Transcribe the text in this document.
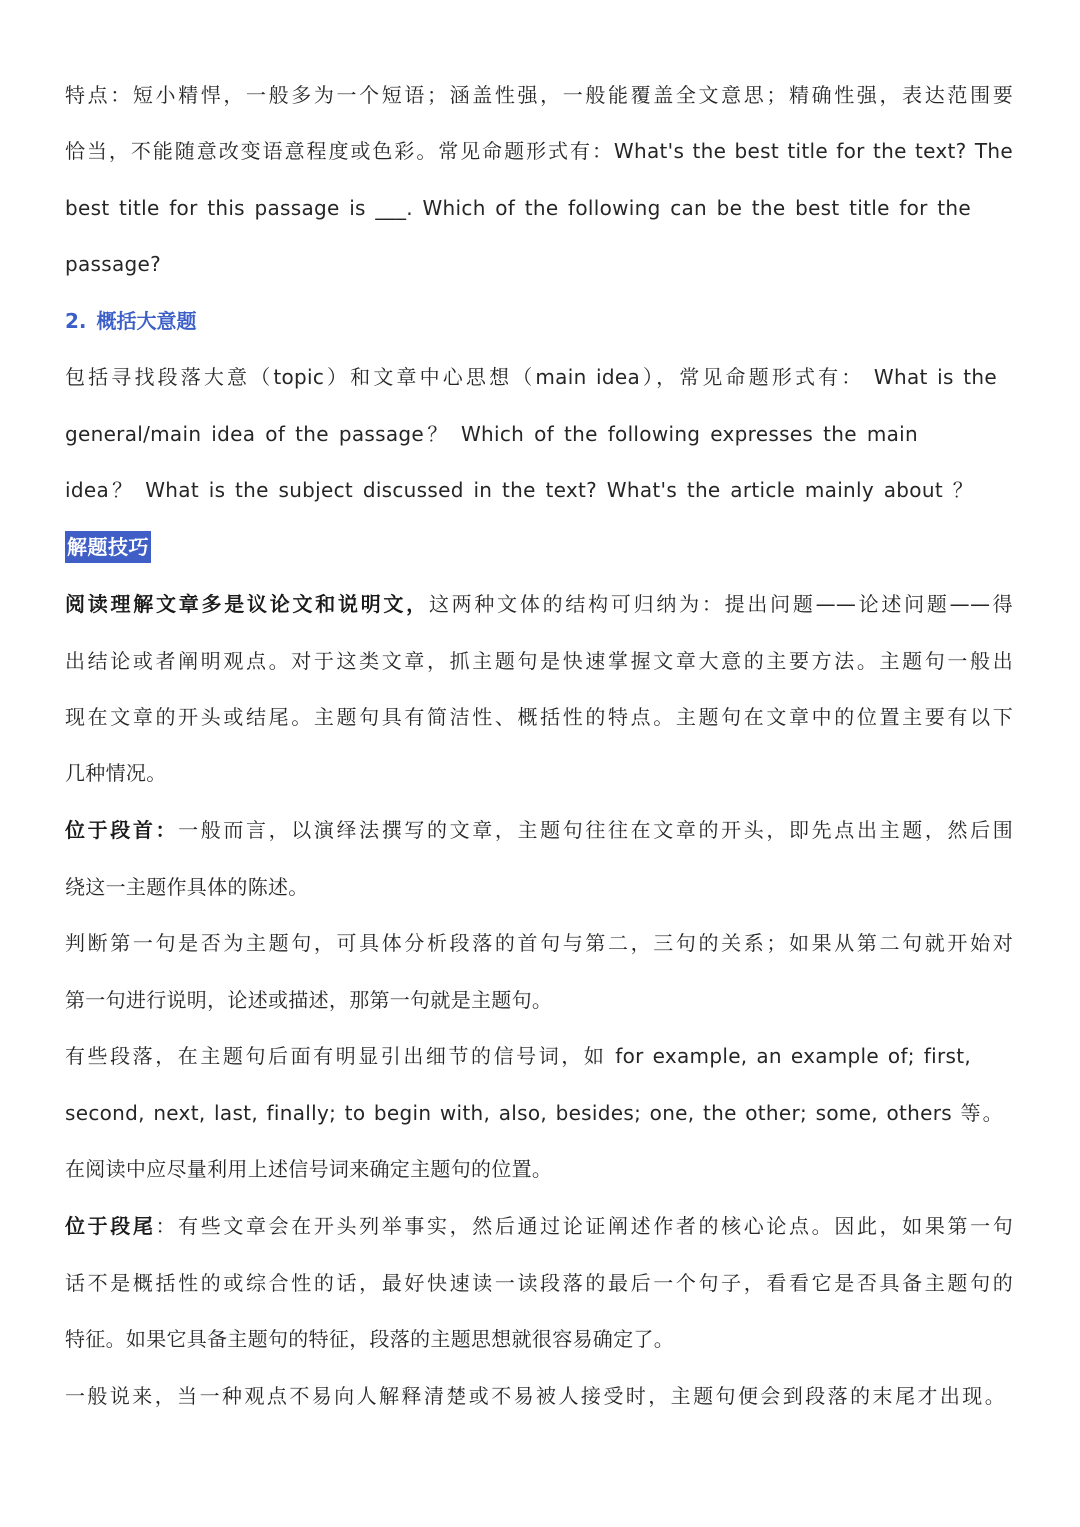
特点：短小精悍，一般多为一个短语；涵盖性强，一般能覆盖全文意思；精确性强，表达范围要
恰当，不能随意改变语意程度或色彩。常见命题形式有：What's the best title for the text? The
best title for this passage is ___. Which of the following can be the best title for the
passage?
2. 概括大意题
包括寻找段落大意（topic）和文章中心思想（main idea），常见命题形式有： What is the
general/main idea of the passage？ Which of the following expresses the main
idea？ What is the subject discussed in the text? What's the article mainly about ？
解题技巧
阅读理解文章多是议论文和说明文，这两种文体的结构可归纳为：提出问题——论述问题——得
出结论或者阐明观点。对于这类文章，抓主题句是快速掌握文章大意的主要方法。主题句一般出
现在文章的开头或结尾。主题句具有简洁性、概括性的特点。主题句在文章中的位置主要有以下
几种情况。
位于段首：一般而言，以演绎法撰写的文章，主题句往往在文章的开头，即先点出主题，然后围
绕这一主题作具体的陈述。
判断第一句是否为主题句，可具体分析段落的首句与第二，三句的关系；如果从第二句就开始对
第一句进行说明，论述或描述，那第一句就是主题句。
有些段落，在主题句后面有明显引出细节的信号词，如 for example, an example of; first,
second, next, last, finally; to begin with, also, besides; one, the other; some, others 等。
在阅读中应尽量利用上述信号词来确定主题句的位置。
位于段尾：有些文章会在开头列举事实，然后通过论证阐述作者的核心论点。因此，如果第一句
话不是概括性的或综合性的话，最好快速读一读段落的最后一个句子，看看它是否具备主题句的
特征。如果它具备主题句的特征，段落的主题思想就很容易确定了。
一般说来，当一种观点不易向人解释清楚或不易被人接受时，主题句便会到段落的末尾才出现。
